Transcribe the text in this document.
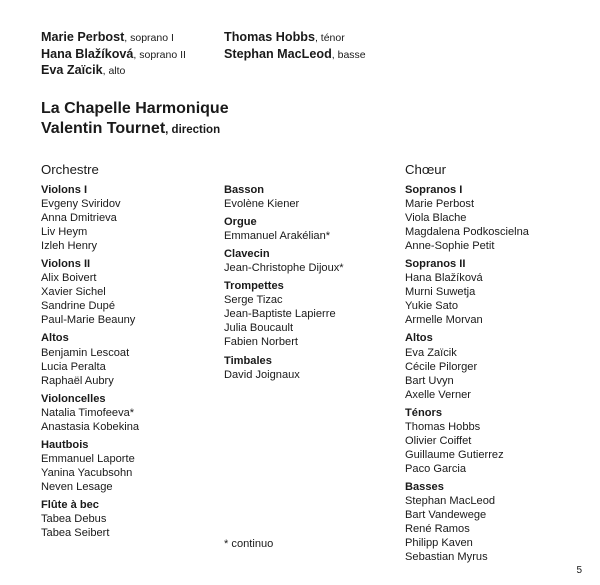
Marie Perbost, soprano I
Hana Blažíková, soprano II
Eva Zaïcik, alto
Thomas Hobbs, ténor
Stephan MacLeod, basse
La Chapelle Harmonique
Valentin Tournet, direction
Orchestre
Violons I
Evgeny Sviridov
Anna Dmitrieva
Liv Heym
Izleh Henry
Violons II
Alix Boivert
Xavier Sichel
Sandrine Dupé
Paul-Marie Beauny
Altos
Benjamin Lescoat
Lucia Peralta
Raphaël Aubry
Violoncelles
Natalia Timofeeva*
Anastasia Kobekina
Hautbois
Emmanuel Laporte
Yanina Yacubsohn
Neven Lesage
Flûte à bec
Tabea Debus
Tabea Seibert
Basson
Evolène Kiener
Orgue
Emmanuel Arakélian*
Clavecin
Jean-Christophe Dijoux*
Trompettes
Serge Tizac
Jean-Baptiste Lapierre
Julia Boucault
Fabien Norbert
Timbales
David Joignaux
Chœur
Sopranos I
Marie Perbost
Viola Blache
Magdalena Podkoscielna
Anne-Sophie Petit
Sopranos II
Hana Blažíková
Murni Suwetja
Yukie Sato
Armelle Morvan
Altos
Eva Zaïcik
Cécile Pilorger
Bart Uvyn
Axelle Verner
Ténors
Thomas Hobbs
Olivier Coiffet
Guillaume Gutierrez
Paco Garcia
Basses
Stephan MacLeod
Bart Vandewege
René Ramos
Philipp Kaven
Sebastian Myrus
* continuo
5
